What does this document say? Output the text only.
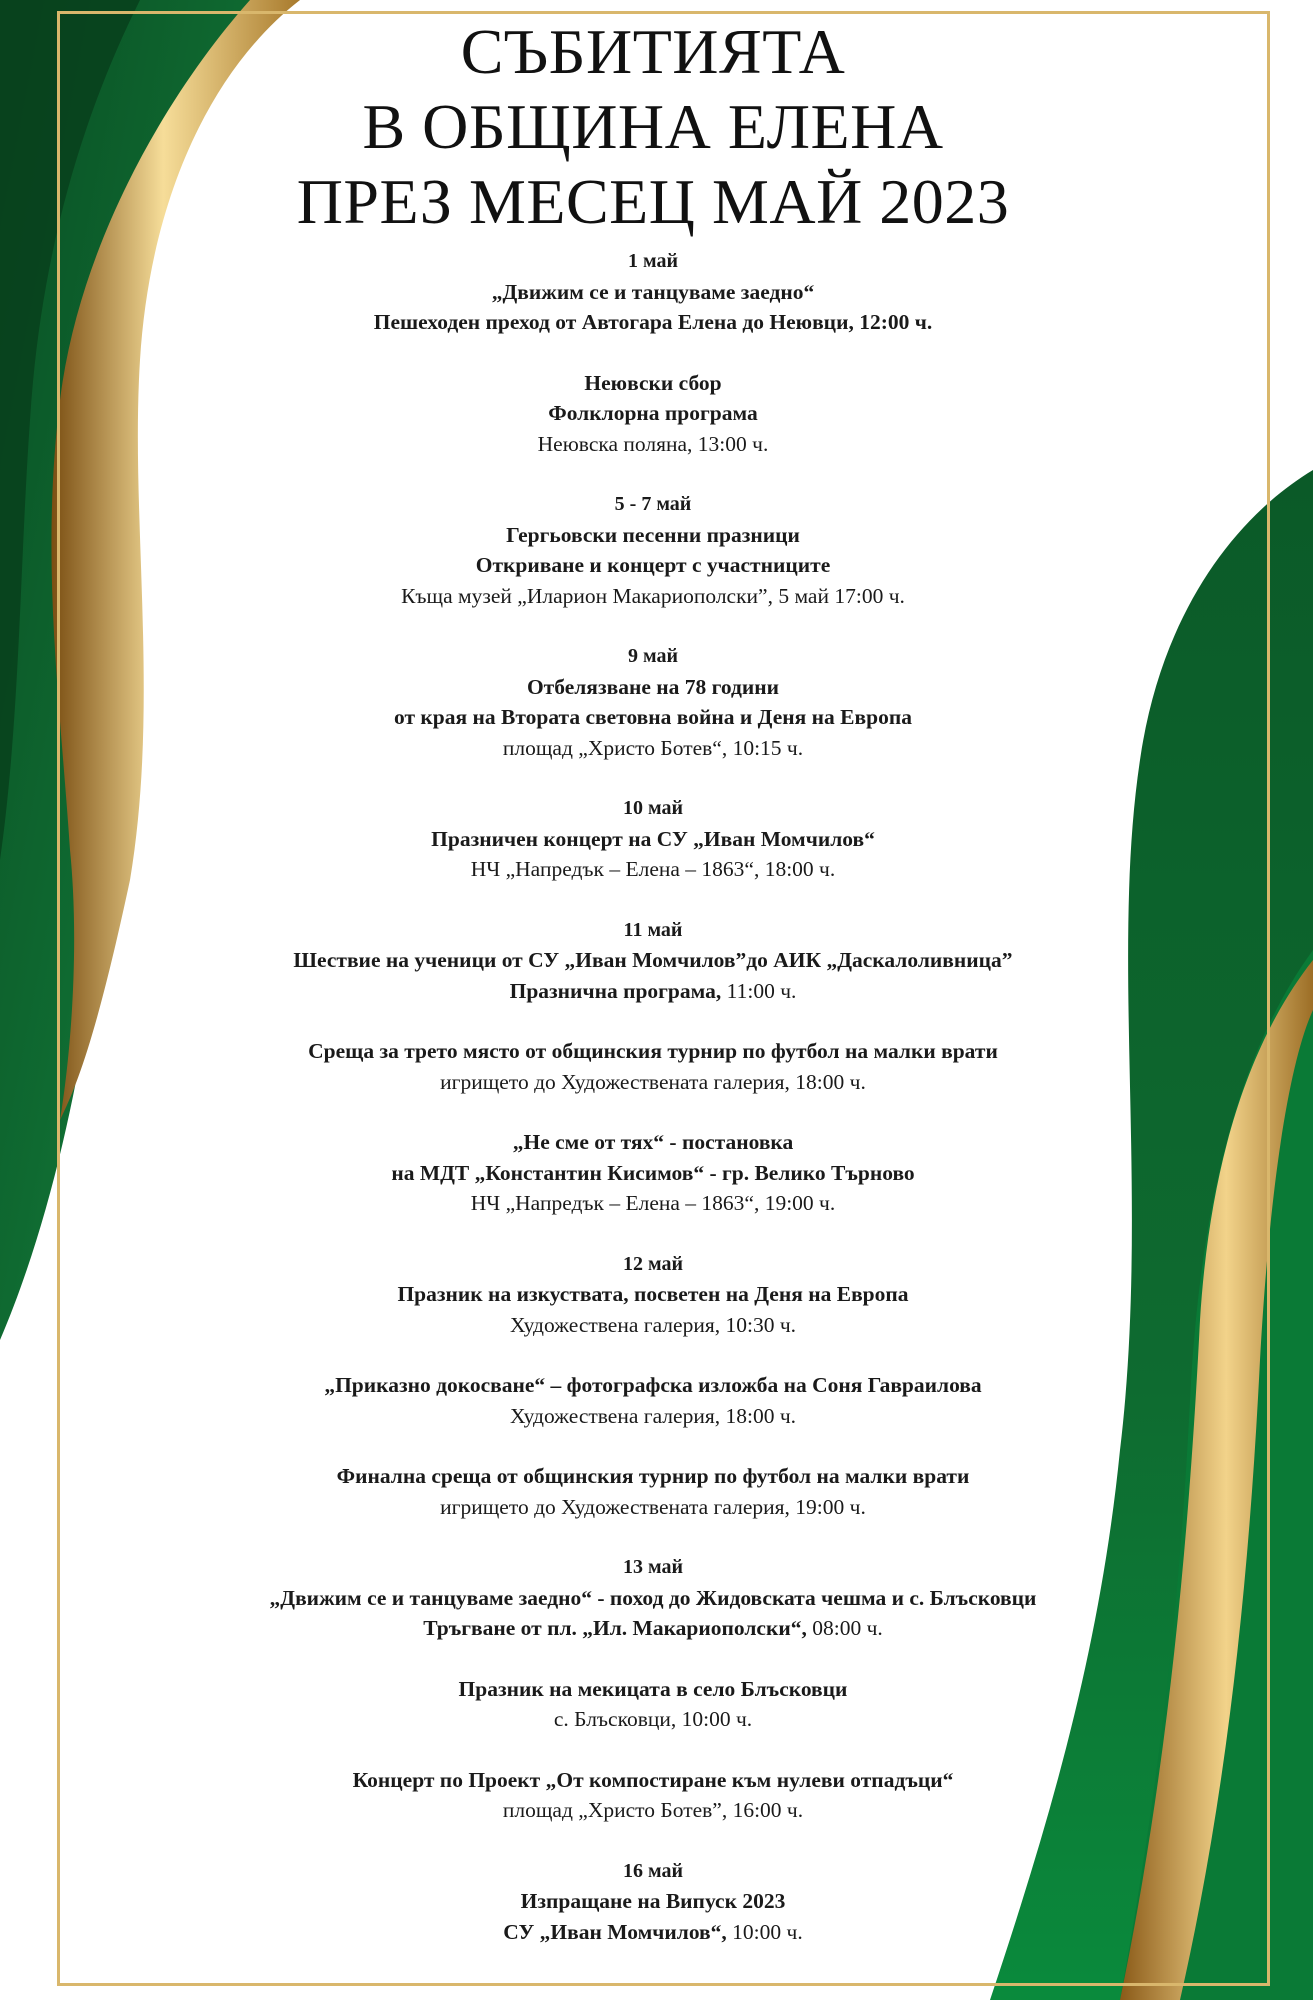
СЪБИТИЯТА
В ОБЩИНА ЕЛЕНА
ПРЕЗ МЕСЕЦ МАЙ 2023
1 май
„Движим се и танцуваме заедно“
Пешеходен преход от Автогара Елена до Неювци, 12:00 ч.
Неювски сбор
Фолклорна програма
Неювска поляна, 13:00 ч.
5 - 7 май
Гергьовски песенни празници
Откриване и концерт с участниците
Къща музей „Иларион Макариополски”, 5 май 17:00 ч.
9 май
Отбелязване на 78 години
от края на Втората световна война и Деня на Европа
площад „Христо Ботев“, 10:15 ч.
10 май
Празничен концерт на СУ „Иван Момчилов“
НЧ „Напредък – Елена – 1863“, 18:00 ч.
11 май
Шествие на ученици от СУ „Иван Момчилов”до АИК „Даскалоливница”
Празнична програма, 11:00 ч.
Среща за трето място от общинския турнир по футбол на малки врати
игрището до Художествената галерия, 18:00 ч.
„Не сме от тях“ - постановка
на МДТ „Константин Кисимов“ - гр. Велико Търново
НЧ „Напредък – Елена – 1863“, 19:00 ч.
12 май
Празник на изкуствата, посветен на Деня на Европа
Художествена галерия, 10:30 ч.
„Приказно докосване“ – фотографска изложба на Соня Гавраилова
Художествена галерия, 18:00 ч.
Финална среща от общинския турнир по футбол на малки врати
игрището до Художествената галерия, 19:00 ч.
13 май
„Движим се и танцуваме заедно“ - поход до Жидовската чешма и с. Блъсковци
Тръгване от пл. „Ил. Макариополски“, 08:00 ч.
Празник на мекицата в село Блъсковци
с. Блъсковци, 10:00 ч.
Концерт по Проект „От компостиране към нулеви отпадъци“
площад „Христо Ботев”, 16:00 ч.
16 май
Изпращане на Випуск 2023
СУ „Иван Момчилов“, 10:00 ч.
